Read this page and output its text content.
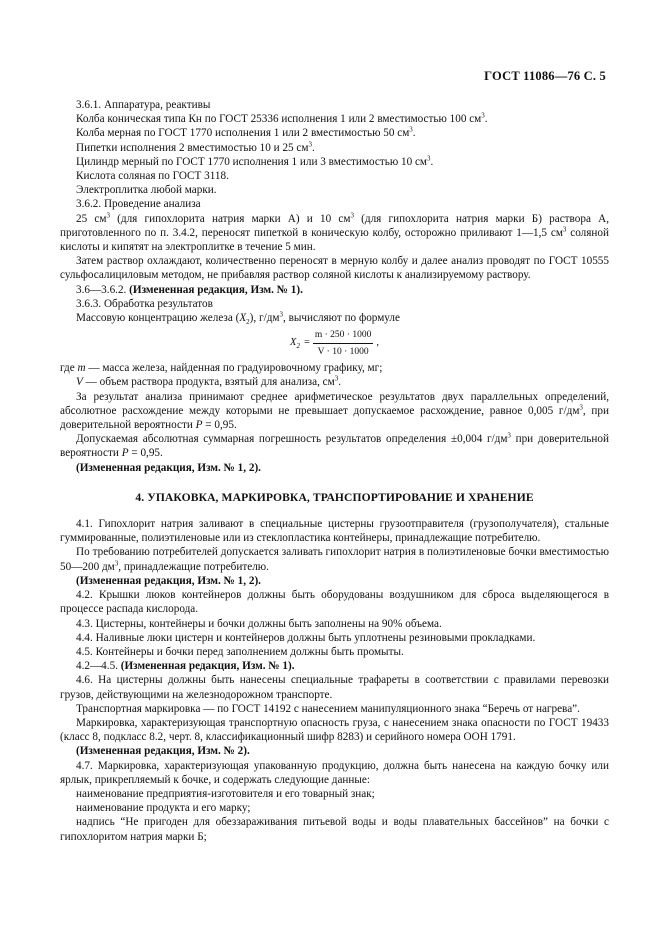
ГОСТ 11086—76 С. 5

3.6.1. Аппаратура, реактивы

Колба коническая типа Кн по ГОСТ 25336 исполнения 1 или 2 вместимостью 100 $см^3$.

Колба мерная по ГОСТ 1770 исполнения 1 или 2 вместимостью 50 $см^3$.

Пипетки исполнения 2 вместимостью 10 и 25 $см^3$.

Цилиндр мерный по ГОСТ 1770 исполнения 1 или 3 вместимостью 10 $см^3$.

Кислота соляная по ГОСТ 3118.

Электроплитка любой марки.

3.6.2. Проведение анализа

25 $см^3$ (для гипохлорита натрия марки А) и 10 $см^3$ (для гипохлорита натрия марки Б) раствора А, приготовленного по п. 3.4.2, переносят пипеткой в коническую колбу, осторожно приливают 1—1,5 $см^3$ соляной кислоты и кипятят на электроплитке в течение 5 мин.

Затем раствор охлаждают, количественно переносят в мерную колбу и далее анализ проводят по ГОСТ 10555 сульфосалициловым методом, не прибавляя раствор соляной кислоты к анализируемому раствору.

3.6—3.6.2. (Измененная редакция, Изм. № 1).

3.6.3. Обработка результатов

Массовую концентрацию железа $(X_2)$, $г/дм^3$, вычисляют по формуле

$X_2 = \frac{m \cdot 250 \cdot 1000}{V \cdot 10 \cdot 1000}$ ,

где m — масса железа, найденная по градуировочному графику, мг;

V — объем раствора продукта, взятый для анализа, $см^3$.

За результат анализа принимают среднее арифметическое результатов двух параллельных определений, абсолютное расхождение между которыми не превышает допускаемое расхождение, равное 0,005 $г/дм^3$, при доверительной вероятности P = 0,95.

Допускаемая абсолютная суммарная погрешность результатов определения ±0,004 $г/дм^3$ при доверительной вероятности P = 0,95.

(Измененная редакция, Изм. № 1, 2).

4. УПАКОВКА, МАРКИРОВКА, ТРАНСПОРТИРОВАНИЕ И ХРАНЕНИЕ

4.1. Гипохлорит натрия заливают в специальные цистерны грузоотправителя (грузополучателя), стальные гуммированные, полиэтиленовые или из стеклопластика контейнеры, принадлежащие потребителю.

По требованию потребителей допускается заливать гипохлорит натрия в полиэтиленовые бочки вместимостью 50—200 $дм^3$, принадлежащие потребителю.

(Измененная редакция, Изм. № 1, 2).

4.2. Крышки люков контейнеров должны быть оборудованы воздушником для сброса выделяющегося в процессе распада кислорода.

4.3. Цистерны, контейнеры и бочки должны быть заполнены на 90% объема.

4.4. Наливные люки цистерн и контейнеров должны быть уплотнены резиновыми прокладками.

4.5. Контейнеры и бочки перед заполнением должны быть промыты.

4.2—4.5. (Измененная редакция, Изм. № 1).

4.6. На цистерны должны быть нанесены специальные трафареты в соответствии с правилами перевозки грузов, действующими на железнодорожном транспорте.

Транспортная маркировка — по ГОСТ 14192 с нанесением манипуляционного знака “Беречь от нагрева”.

Маркировка, характеризующая транспортную опасность груза, с нанесением знака опасности по ГОСТ 19433 (класс 8, подкласс 8.2, черт. 8, классификационный шифр 8283) и серийного номера ООН 1791.

(Измененная редакция, Изм. № 2).

4.7. Маркировка, характеризующая упакованную продукцию, должна быть нанесена на каждую бочку или ярлык, прикрепляемый к бочке, и содержать следующие данные:

наименование предприятия-изготовителя и его товарный знак;

наименование продукта и его марку;

надпись “Не пригоден для обеззараживания питьевой воды и воды плавательных бассейнов” на бочки с гипохлоритом натрия марки Б;
